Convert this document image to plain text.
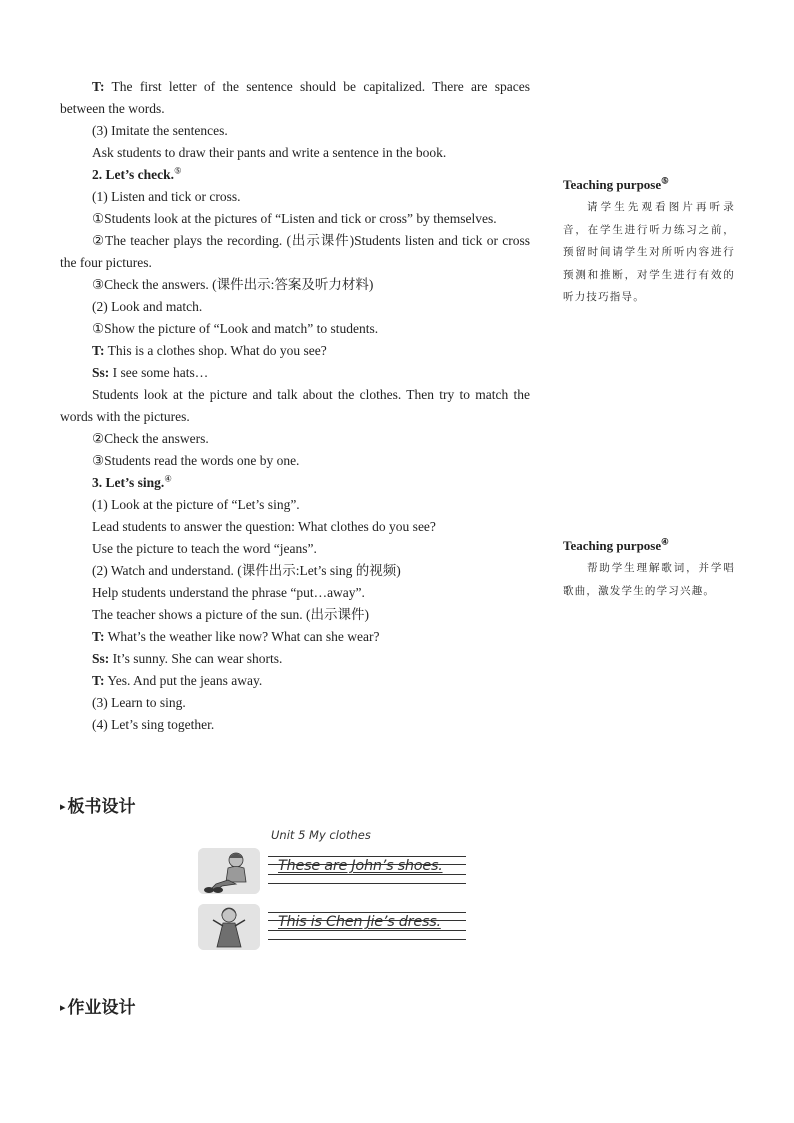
T: The first letter of the sentence should be capitalized. There are spaces between the words.

(3) Imitate the sentences.

Ask students to draw their pants and write a sentence in the book.

2. Let’s check.⑤

(1) Listen and tick or cross.

①Students look at the pictures of “Listen and tick or cross” by themselves.

②The teacher plays the recording. (出示课件)Students listen and tick or cross the four pictures.

③Check the answers. (课件出示:答案及听力材料)

(2) Look and match.

①Show the picture of “Look and match” to students.

T: This is a clothes shop. What do you see?

Ss: I see some hats…

Students look at the picture and talk about the clothes. Then try to match the words with the pictures.

②Check the answers.

③Students read the words one by one.

3. Let’s sing.④

(1) Look at the picture of “Let’s sing”.

Lead students to answer the question: What clothes do you see?

Use the picture to teach the word “jeans”.

(2) Watch and understand. (课件出示:Let’s sing 的视频)

Help students understand the phrase “put…away”.

The teacher shows a picture of the sun. (出示课件)

T: What’s the weather like now? What can she wear?

Ss: It’s sunny. She can wear shorts.

T: Yes. And put the jeans away.

(3) Learn to sing.

(4) Let’s sing together.

Teaching purpose⑤
请学生先观看图片再听录音，在学生进行听力练习之前，预留时间请学生对所听内容进行预测和推断，对学生进行有效的听力技巧指导。
Teaching purpose④
帮助学生理解歌词，并学唱歌曲，激发学生的学习兴趣。
▸ 板书设计
Unit 5 My clothes
These are John’s shoes.
This is Chen Jie’s dress.
▸ 作业设计
